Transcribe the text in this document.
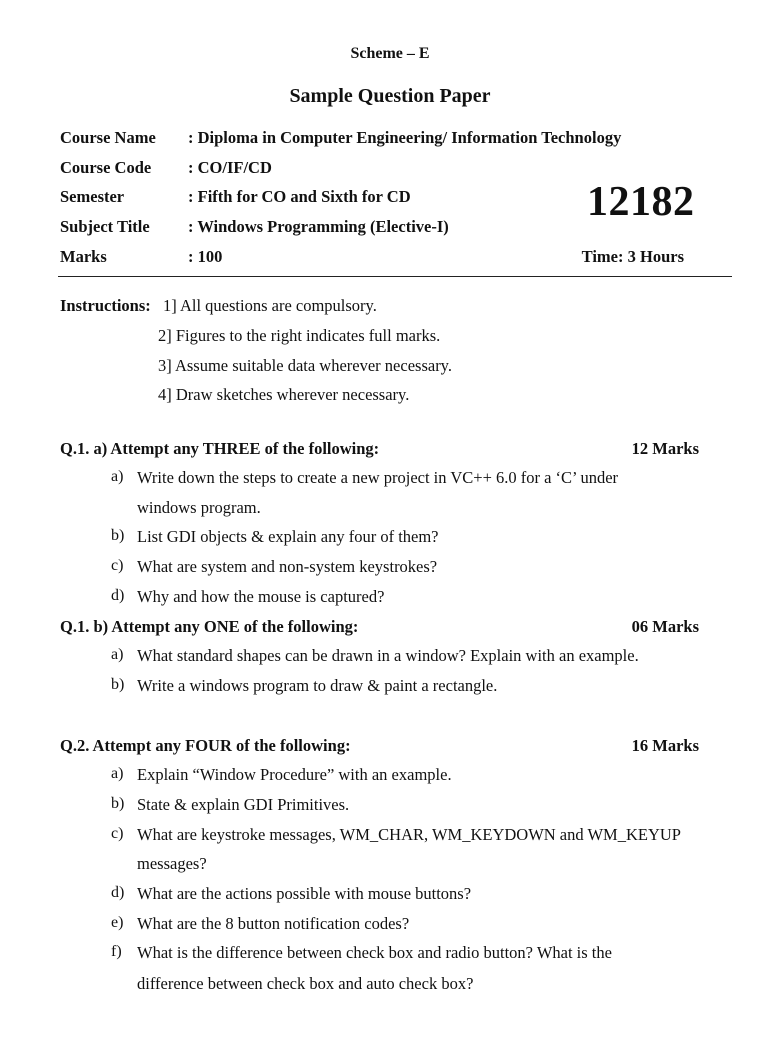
Scheme – E
Sample Question Paper
Course Name : Diploma in Computer Engineering/ Information Technology
Course Code : CO/IF/CD
Semester	: Fifth for CO and Sixth for CD
Subject Title : Windows Programming (Elective-I)
Marks	: 100
12182
Time: 3 Hours
Instructions: 1] All questions are compulsory.
2] Figures to the right indicates full marks.
3] Assume suitable data wherever necessary.
4] Draw sketches wherever necessary.
Q.1. a) Attempt any THREE of the following:	12 Marks
a) Write down the steps to create a new project in VC++ 6.0 for a ‘C’ under
windows program.
b) List GDI objects & explain any four of them?
c) What are system and non-system keystrokes?
d) Why and how the mouse is captured?
Q.1. b) Attempt any ONE of the following:	06 Marks
a) What standard shapes can be drawn in a window? Explain with an example.
b) Write a windows program to draw & paint a rectangle.
Q.2. Attempt any FOUR of the following:	16 Marks
a) Explain “Window Procedure” with an example.
b) State & explain GDI Primitives.
c) What are keystroke messages, WM_CHAR, WM_KEYDOWN and WM_KEYUP
messages?
d) What are the actions possible with mouse buttons?
e) What are the 8 button notification codes?
f) What is the difference between check box and radio button? What is the
difference between check box and auto check box?
